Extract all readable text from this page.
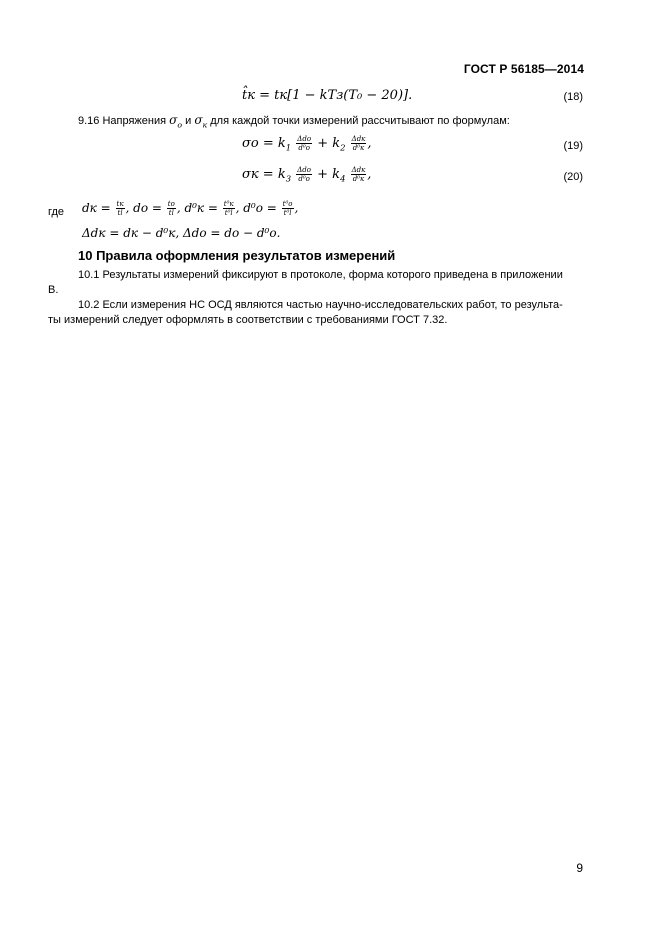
ГОСТ Р 56185—2014
t̂к = tк[1 − kTз(T₀ − 20)].	(18)
9.16 Напряжения $\sigma_о$ и $\sigma_к$ для каждой точки измерений рассчитывают по формулам:
$\sigma о = k_1 \frac{\text{Δdо}}{\text{d⁰о}} + k_2 \frac{\text{Δdк}}{\text{d⁰к}}$ ,	(19)
$\sigma к = k_3 \frac{\text{Δdо}}{\text{d⁰о}} + k_4 \frac{\text{Δdк}}{\text{d⁰к}}$ ,	(20)
где dк = $\frac{tк}{tl}$ , dо = $\frac{tо}{tl}$ , $d^0к = \frac{\text{t⁰к}}{\text{t⁰l}}$ , $d^0о = \frac{\text{t⁰о}}{\text{t⁰l}}$ ,
Δdк = dк − d⁰к, Δdо = dо − d⁰о.
10 Правила оформления результатов измерений
10.1 Результаты измерений фиксируют в протоколе, форма которого приведена в приложении
В.
10.2 Если измерения НС ОСД являются частью научно-исследовательских работ, то результа-
ты измерений следует оформлять в соответствии с требованиями ГОСТ 7.32.
9
